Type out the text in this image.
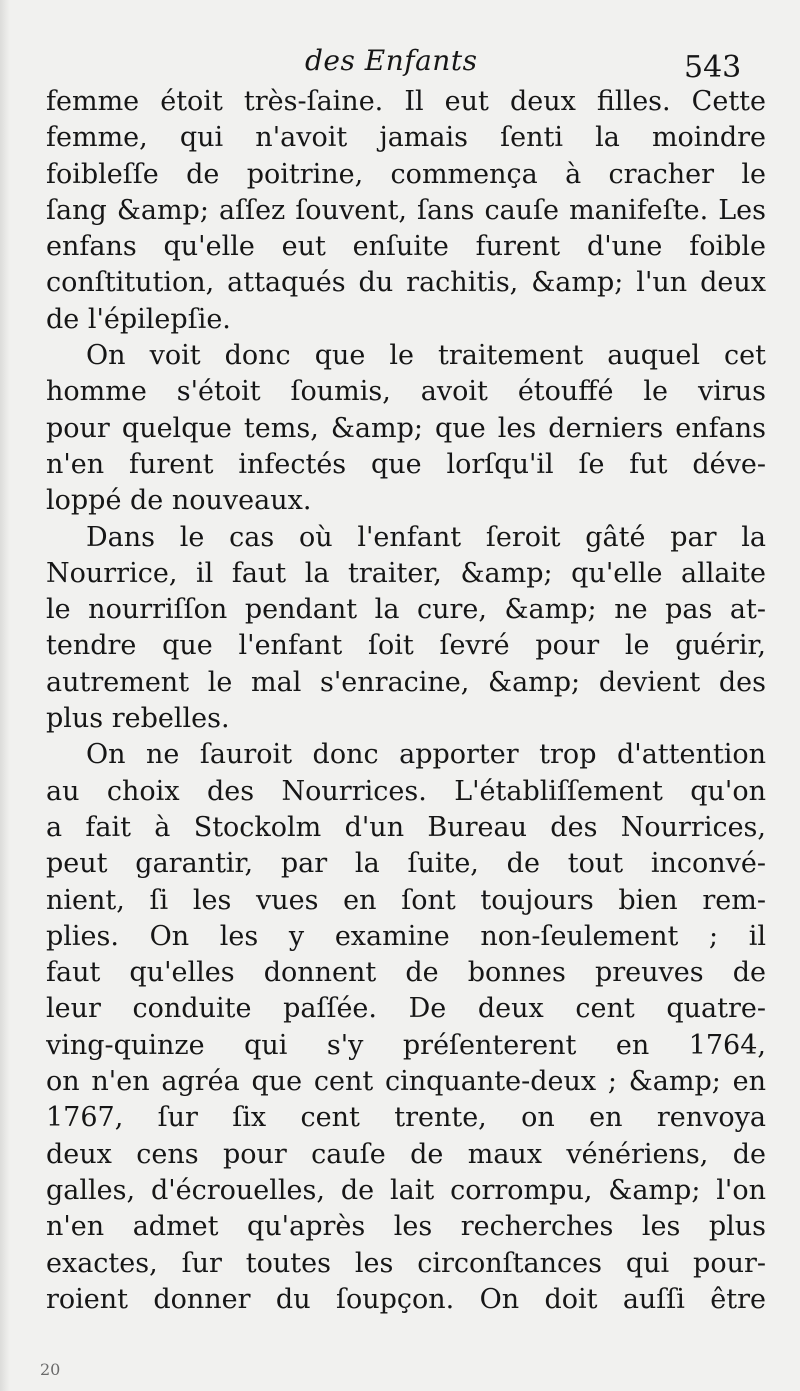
des Enfants	543
femme étoit très-ſaine. Il eut deux filles. Cette
femme, qui n'avoit jamais ſenti la moindre
foibleſſe de poitrine, commença à cracher le
ſang &amp; aſſez ſouvent, ſans cauſe manifeſte. Les
enfans qu'elle eut enſuite furent d'une foible
conſtitution, attaqués du rachitis, &amp; l'un deux
de l'épilepſie.
On voit donc que le traitement auquel cet
homme s'étoit ſoumis, avoit étouffé le virus
pour quelque tems, &amp; que les derniers enfans
n'en furent infectés que lorſqu'il ſe fut déve-
loppé de nouveaux.
Dans le cas où l'enfant ſeroit gâté par la
Nourrice, il faut la traiter, &amp; qu'elle allaite
le nourriſſon pendant la cure, &amp; ne pas at-
tendre que l'enfant ſoit ſevré pour le guérir,
autrement le mal s'enracine, &amp; devient des
plus rebelles.
On ne ſauroit donc apporter trop d'attention
au choix des Nourrices. L'établiſſement qu'on
a fait à Stockolm d'un Bureau des Nourrices,
peut garantir, par la ſuite, de tout inconvé-
nient, ſi les vues en ſont toujours bien rem-
plies. On les y examine non-ſeulement ; il
faut qu'elles donnent de bonnes preuves de
leur conduite paſſée. De deux cent quatre-
ving-quinze qui s'y préſenterent en 1764,
on n'en agréa que cent cinquante-deux ; &amp; en
1767, ſur ſix cent trente, on en renvoya
deux cens pour cauſe de maux vénériens, de
galles, d'écrouelles, de lait corrompu, &amp; l'on
n'en admet qu'après les recherches les plus
exactes, ſur toutes les circonſtances qui pour-
roient donner du ſoupçon. On doit auſſi être
20
